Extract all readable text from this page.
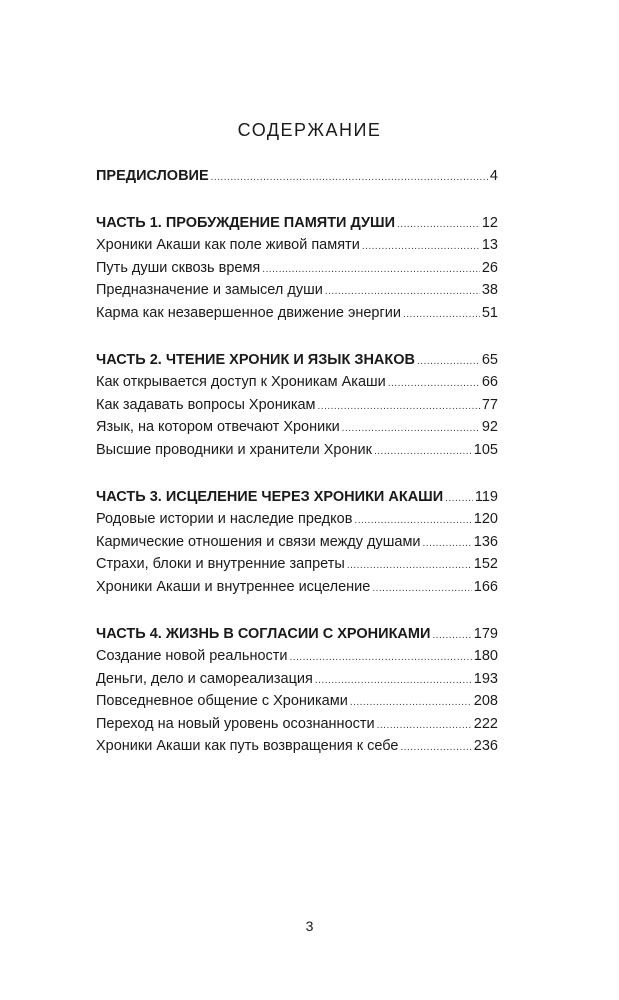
СОДЕРЖАНИЕ
ПРЕДИСЛОВИЕ .....	4
ЧАСТЬ 1. ПРОБУЖДЕНИЕ ПАМЯТИ ДУШИ .....	12
Хроники Акаши как поле живой памяти .....	13
Путь души сквозь время .....	26
Предназначение и замысел души .....	38
Карма как незавершенное движение энергии .....	51
ЧАСТЬ 2. ЧТЕНИЕ ХРОНИК И ЯЗЫК ЗНАКОВ .....	65
Как открывается доступ к Хроникам Акаши .....	66
Как задавать вопросы Хроникам .....	77
Язык, на котором отвечают Хроники .....	92
Высшие проводники и хранители Хроник .....	105
ЧАСТЬ 3. ИСЦЕЛЕНИЕ ЧЕРЕЗ ХРОНИКИ АКАШИ ..... 119
Родовые истории и наследие предков .....	120
Кармические отношения и связи между душами .....	136
Страхи, блоки и внутренние запреты .....	152
Хроники Акаши и внутреннее исцеление .....	166
ЧАСТЬ 4. ЖИЗНЬ В СОГЛАСИИ С ХРОНИКАМИ .....	179
Создание новой реальности .....	180
Деньги, дело и самореализация .....	193
Повседневное общение с Хрониками .....	208
Переход на новый уровень осознанности .....	222
Хроники Акаши как путь возвращения к себе .....	236
3
